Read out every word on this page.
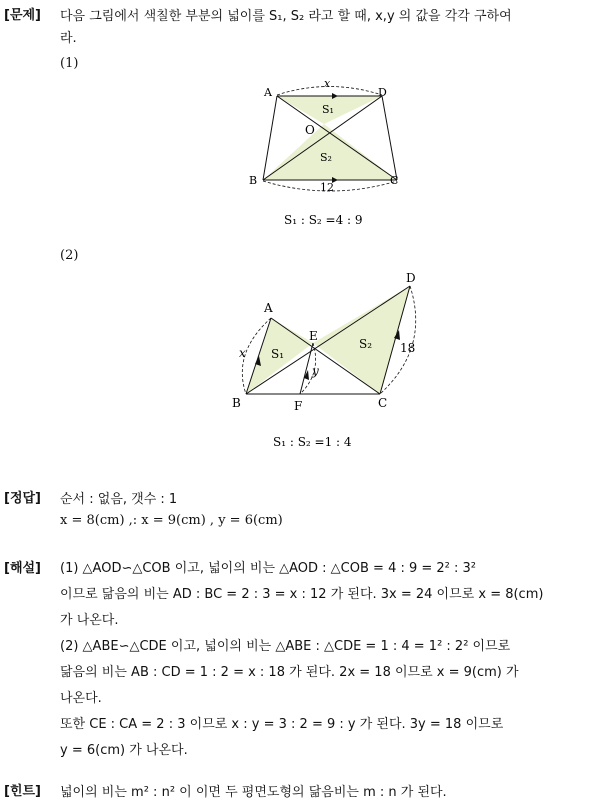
[문제] 다음 그림에서 색칠한 부분의 넓이를 S₁, S₂ 라고 할 때, x,y 의 값을 각각 구하여
라.
(1)
A	D
B	C
O
x
12
S₁
S₂
S₁ : S₂ =4 : 9
(2)
A
B	C
D
E
F
x
y
18
S₁
S₂
S₁ : S₂ =1 : 4
[정답] 순서 : 없음, 갯수 : 1
x = 8(cm) ,: x = 9(cm) , y = 6(cm)
[해설] (1) △AOD∽△COB 이고, 넓이의 비는 △AOD : △COB = 4 : 9 = 2² : 3²
이므로 닮음의 비는 AD : BC = 2 : 3 = x : 12 가 된다. 3x = 24 이므로 x = 8(cm)
가 나온다.
(2) △ABE∽△CDE 이고, 넓이의 비는 △ABE : △CDE = 1 : 4 = 1² : 2² 이므로
닮음의 비는 AB : CD = 1 : 2 = x : 18 가 된다. 2x = 18 이므로 x = 9(cm) 가
나온다.
또한 CE : CA = 2 : 3 이므로 x : y = 3 : 2 = 9 : y 가 된다. 3y = 18 이므로
y = 6(cm) 가 나온다.
[힌트] 넓이의 비는 m² : n² 이 이면 두 평면도형의 닮음비는 m : n 가 된다.
